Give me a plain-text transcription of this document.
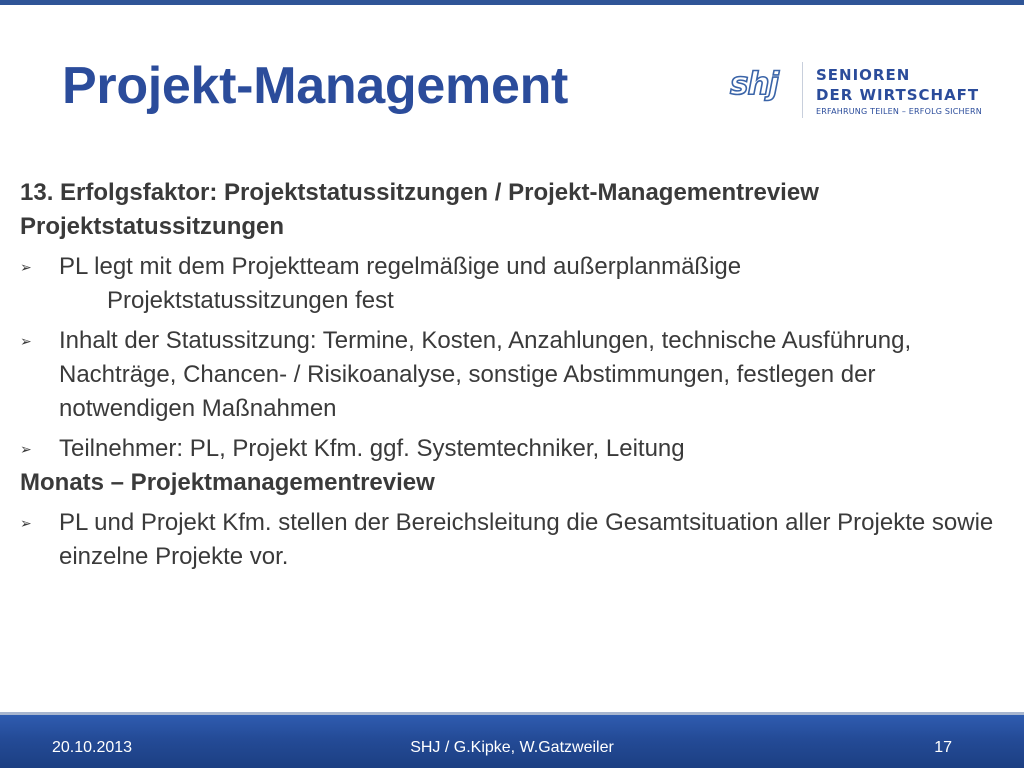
Projekt-Management	shj	SENIOREN
DER WIRTSCHAFT
ERFAHRUNG TEILEN – ERFOLG SICHERN
13. Erfolgsfaktor: Projektstatussitzungen / Projekt-Managementreview
Projektstatussitzungen
➢ PL legt mit dem Projektteam regelmäßige und außerplanmäßige
Projektstatussitzungen fest
➢ Inhalt der Statussitzung: Termine, Kosten, Anzahlungen, technische Ausführung, Nachträge, Chancen- / Risikoanalyse, sonstige Abstimmungen, festlegen der notwendigen Maßnahmen
➢ Teilnehmer: PL, Projekt Kfm. ggf. Systemtechniker, Leitung
Monats – Projektmanagementreview
➢ PL und Projekt Kfm. stellen der Bereichsleitung die Gesamtsituation aller Projekte sowie einzelne Projekte vor.
20.10.2013	SHJ / G.Kipke, W.Gatzweiler	17
